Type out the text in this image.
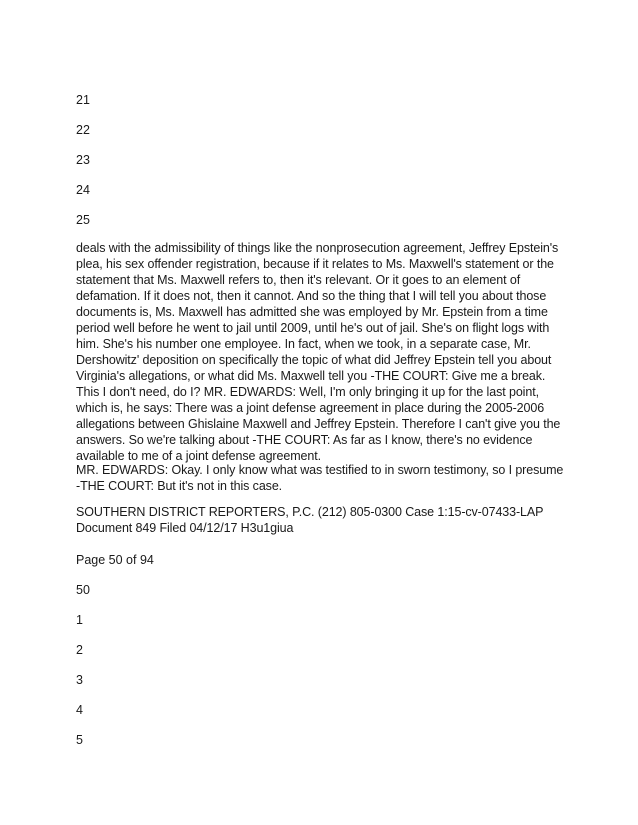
21
22
23
24
25

deals with the admissibility of things like the nonprosecution agreement, Jeffrey Epstein's plea, his sex offender registration, because if it relates to Ms. Maxwell's statement or the statement that Ms. Maxwell refers to, then it's relevant. Or it goes to an element of defamation. If it does not, then it cannot. And so the thing that I will tell you about those documents is, Ms. Maxwell has admitted she was employed by Mr. Epstein from a time period well before he went to jail until 2009, until he's out of jail. She's on flight logs with him. She's his number one employee. In fact, when we took, in a separate case, Mr. Dershowitz' deposition on specifically the topic of what did Jeffrey Epstein tell you about Virginia's allegations, or what did Ms. Maxwell tell you -THE COURT: Give me a break. This I don't need, do I? MR. EDWARDS: Well, I'm only bringing it up for the last point, which is, he says: There was a joint defense agreement in place during the 2005-2006 allegations between Ghislaine Maxwell and Jeffrey Epstein. Therefore I can't give you the answers. So we're talking about -THE COURT: As far as I know, there's no evidence available to me of a joint defense agreement.

MR. EDWARDS: Okay. I only know what was testified to in sworn testimony, so I presume -THE COURT: But it's not in this case.

SOUTHERN DISTRICT REPORTERS, P.C. (212) 805-0300 Case 1:15-cv-07433-LAP Document 849 Filed 04/12/17 H3u1giua

Page 50 of 94
50
1
2
3
4
5
